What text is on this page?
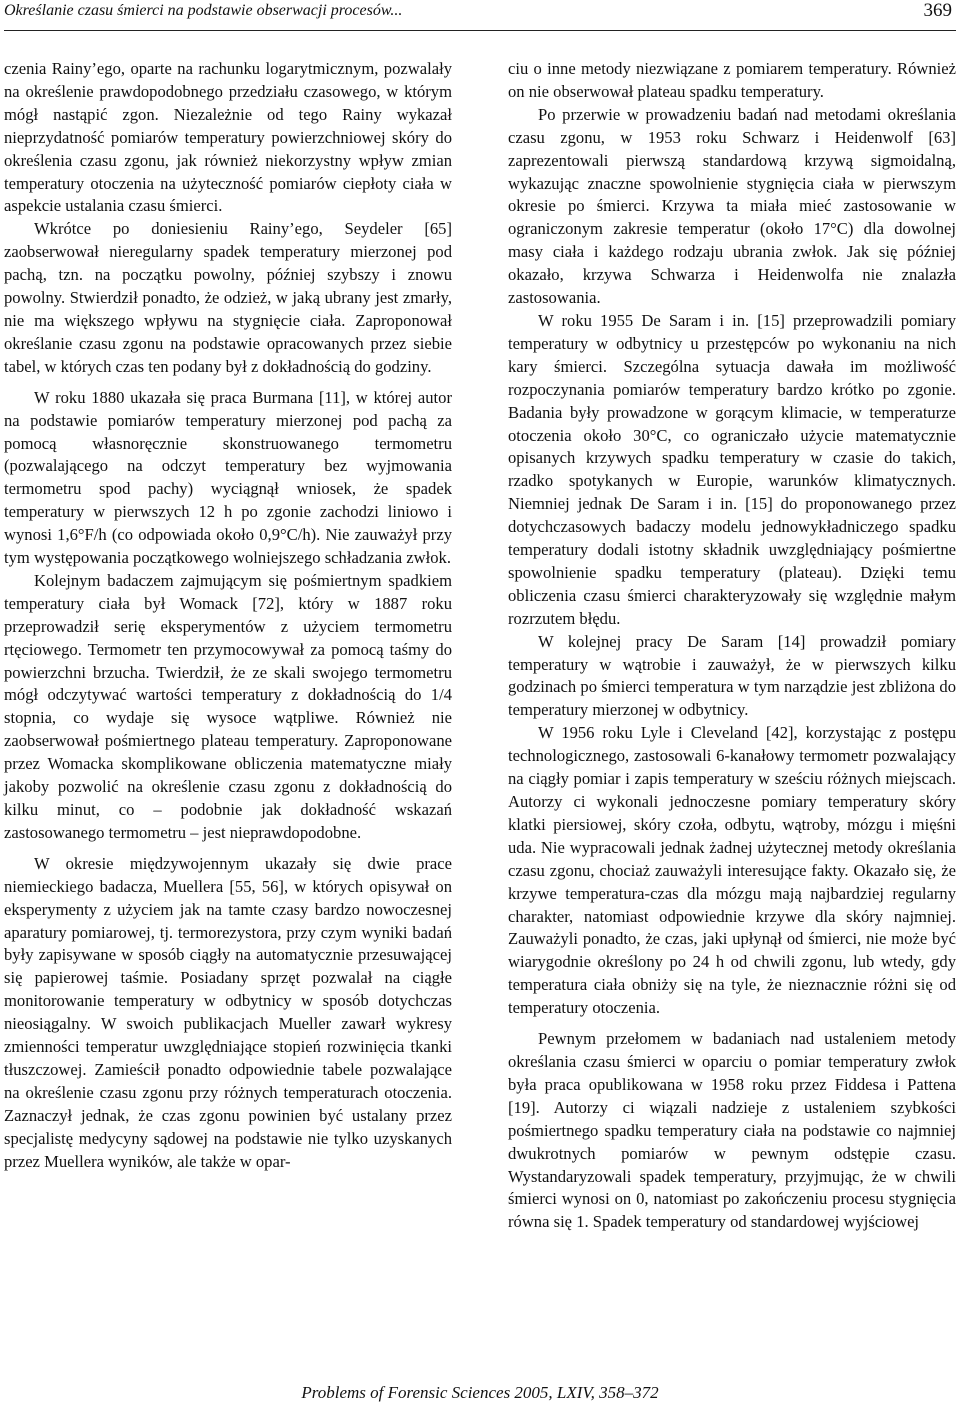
Określanie czasu śmierci na podstawie obserwacji procesów...	369

czenia Rainy’ego, oparte na rachunku logarytmicznym, pozwalały na określenie prawdopodobnego przedziału czasowego, w którym mógł nastąpić zgon. Niezależnie od tego Rainy wykazał nieprzydatność pomiarów temperatury powierzchniowej skóry do określenia czasu zgonu, jak również niekorzystny wpływ zmian temperatury otoczenia na użyteczność pomiarów ciepłoty ciała w aspekcie ustalania czasu śmierci.

Wkrótce po doniesieniu Rainy’ego, Seydeler [65] zaobserwował nieregularny spadek temperatury mierzonej pod pachą, tzn. na początku powolny, później szybszy i znowu powolny. Stwierdził ponadto, że odzież, w jaką ubrany jest zmarły, nie ma większego wpływu na stygnięcie ciała. Zaproponował określanie czasu zgonu na podstawie opracowanych przez siebie tabel, w których czas ten podany był z dokładnością do godziny.

W roku 1880 ukazała się praca Burmana [11], w której autor na podstawie pomiarów temperatury mierzonej pod pachą za pomocą własnoręcznie skonstruowanego termometru (pozwalającego na odczyt temperatury bez wyjmowania termometru spod pachy) wyciągnął wniosek, że spadek temperatury w pierwszych 12 h po zgonie zachodzi liniowo i wynosi 1,6°F/h (co odpowiada około 0,9°C/h). Nie zauważył przy tym występowania początkowego wolniejszego schładzania zwłok.

Kolejnym badaczem zajmującym się pośmiertnym spadkiem temperatury ciała był Womack [72], który w 1887 roku przeprowadził serię eksperymentów z użyciem termometru rtęciowego. Termometr ten przymocowywał za pomocą taśmy do powierzchni brzucha. Twierdził, że ze skali swojego termometru mógł odczytywać wartości temperatury z dokładnością do 1/4 stopnia, co wydaje się wysoce wątpliwe. Również nie zaobserwował pośmiertnego plateau temperatury. Zaproponowane przez Womacka skomplikowane obliczenia matematyczne miały jakoby pozwolić na określenie czasu zgonu z dokładnością do kilku minut, co – podobnie jak dokładność wskazań zastosowanego termometru – jest nieprawdopodobne.

W okresie międzywojennym ukazały się dwie prace niemieckiego badacza, Muellera [55, 56], w których opisywał on eksperymenty z użyciem jak na tamte czasy bardzo nowoczesnej aparatury pomiarowej, tj. termorezystora, przy czym wyniki badań były zapisywane w sposób ciągły na automatycznie przesuwającej się papierowej taśmie. Posiadany sprzęt pozwalał na ciągłe monitorowanie temperatury w odbytnicy w sposób dotychczas nieosiągalny. W swoich publikacjach Mueller zawarł wykresy zmienności temperatur uwzględniające stopień rozwinięcia tkanki tłuszczowej. Zamieścił ponadto odpowiednie tabele pozwalające na określenie czasu zgonu przy różnych temperaturach otoczenia. Zaznaczył jednak, że czas zgonu powinien być ustalany przez specjalistę medycyny sądowej na podstawie nie tylko uzyskanych przez Muellera wyników, ale także w opar-

ciu o inne metody niezwiązane z pomiarem temperatury. Również on nie obserwował plateau spadku temperatury.

Po przerwie w prowadzeniu badań nad metodami określania czasu zgonu, w 1953 roku Schwarz i Heidenwolf [63] zaprezentowali pierwszą standardową krzywą sigmoidalną, wykazując znaczne spowolnienie stygnięcia ciała w pierwszym okresie po śmierci. Krzywa ta miała mieć zastosowanie w ograniczonym zakresie temperatur (około 17°C) dla dowolnej masy ciała i każdego rodzaju ubrania zwłok. Jak się później okazało, krzywa Schwarza i Heidenwolfa nie znalazła zastosowania.

W roku 1955 De Saram i in. [15] przeprowadzili pomiary temperatury w odbytnicy u przestępców po wykonaniu na nich kary śmierci. Szczególna sytuacja dawała im możliwość rozpoczynania pomiarów temperatury bardzo krótko po zgonie. Badania były prowadzone w gorącym klimacie, w temperaturze otoczenia około 30°C, co ograniczało użycie matematycznie opisanych krzywych spadku temperatury w czasie do takich, rzadko spotykanych w Europie, warunków klimatycznych. Niemniej jednak De Saram i in. [15] do proponowanego przez dotychczasowych badaczy modelu jednowykładniczego spadku temperatury dodali istotny składnik uwzględniający pośmiertne spowolnienie spadku temperatury (plateau). Dzięki temu obliczenia czasu śmierci charakteryzowały się względnie małym rozrzutem błędu.

W kolejnej pracy De Saram [14] prowadził pomiary temperatury w wątrobie i zauważył, że w pierwszych kilku godzinach po śmierci temperatura w tym narządzie jest zbliżona do temperatury mierzonej w odbytnicy.

W 1956 roku Lyle i Cleveland [42], korzystając z postępu technologicznego, zastosowali 6-kanałowy termometr pozwalający na ciągły pomiar i zapis temperatury w sześciu różnych miejscach. Autorzy ci wykonali jednoczesne pomiary temperatury skóry klatki piersiowej, skóry czoła, odbytu, wątroby, mózgu i mięśni uda. Nie wypracowali jednak żadnej użytecznej metody określania czasu zgonu, chociaż zauważyli interesujące fakty. Okazało się, że krzywe temperatura-czas dla mózgu mają najbardziej regularny charakter, natomiast odpowiednie krzywe dla skóry najmniej. Zauważyli ponadto, że czas, jaki upłynął od śmierci, nie może być wiarygodnie określony po 24 h od chwili zgonu, lub wtedy, gdy temperatura ciała obniży się na tyle, że nieznacznie różni się od temperatury otoczenia.

Pewnym przełomem w badaniach nad ustaleniem metody określania czasu śmierci w oparciu o pomiar temperatury zwłok była praca opublikowana w 1958 roku przez Fiddesa i Pattena [19]. Autorzy ci wiązali nadzieje z ustaleniem szybkości pośmiertnego spadku temperatury ciała na podstawie co najmniej dwukrotnych pomiarów w pewnym odstępie czasu. Wystandaryzowali spadek temperatury, przyjmując, że w chwili śmierci wynosi on 0, natomiast po zakończeniu procesu stygnięcia równa się 1. Spadek temperatury od standardowej wyjściowej

Problems of Forensic Sciences 2005, LXIV, 358–372
